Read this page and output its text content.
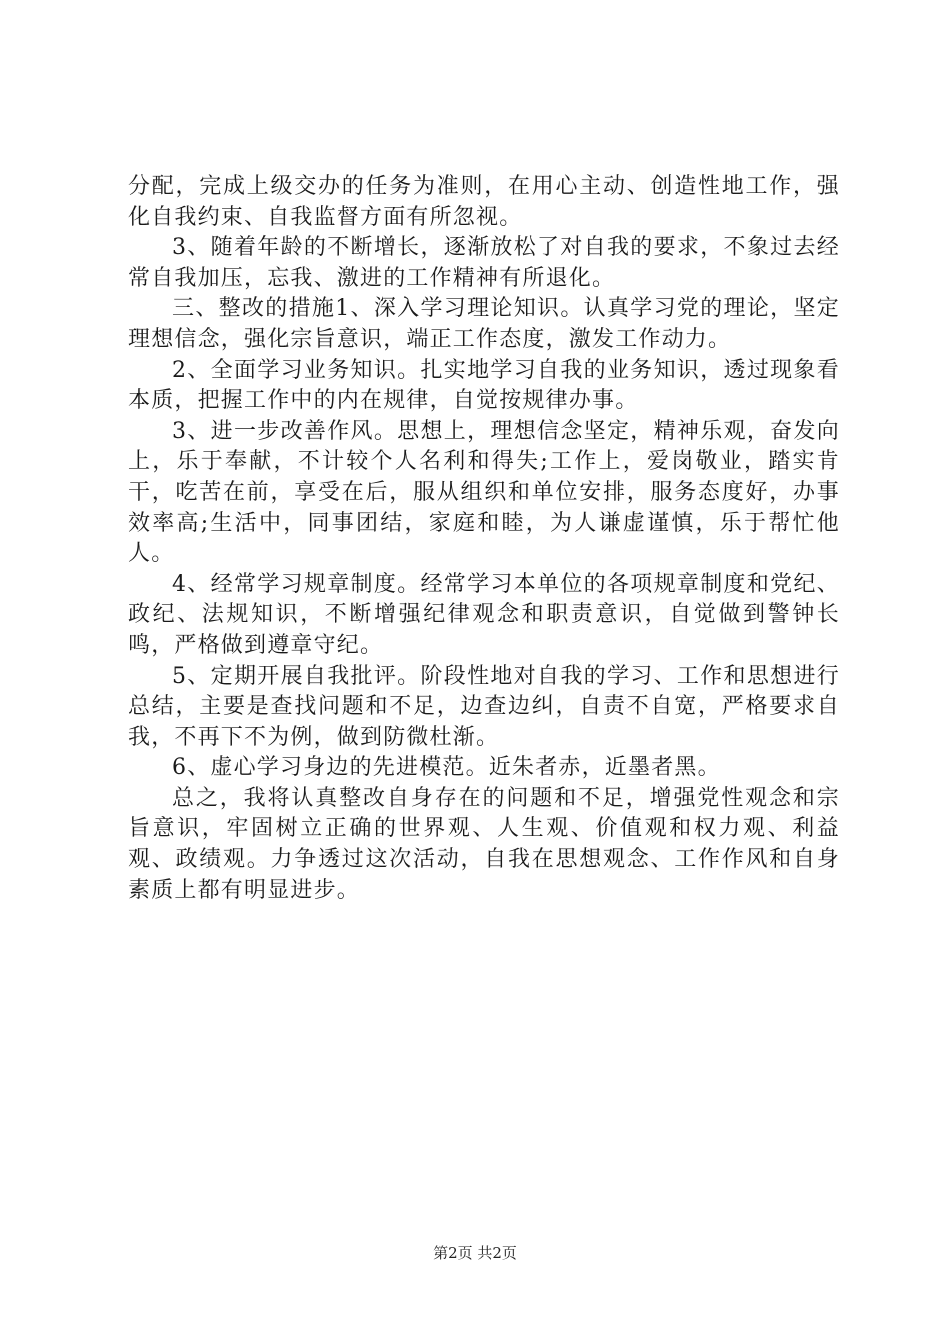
分配，完成上级交办的任务为准则，在用心主动、创造性地工作，强化自我约束、自我监督方面有所忽视。

3、随着年龄的不断增长，逐渐放松了对自我的要求，不象过去经常自我加压，忘我、激进的工作精神有所退化。

三、整改的措施1、深入学习理论知识。认真学习党的理论，坚定理想信念，强化宗旨意识，端正工作态度，激发工作动力。

2、全面学习业务知识。扎实地学习自我的业务知识，透过现象看本质，把握工作中的内在规律，自觉按规律办事。

3、进一步改善作风。思想上，理想信念坚定，精神乐观，奋发向上，乐于奉献，不计较个人名利和得失;工作上，爱岗敬业，踏实肯干，吃苦在前，享受在后，服从组织和单位安排，服务态度好，办事效率高;生活中，同事团结，家庭和睦，为人谦虚谨慎，乐于帮忙他人。

4、经常学习规章制度。经常学习本单位的各项规章制度和党纪、政纪、法规知识，不断增强纪律观念和职责意识，自觉做到警钟长鸣，严格做到遵章守纪。

5、定期开展自我批评。阶段性地对自我的学习、工作和思想进行总结，主要是查找问题和不足，边查边纠，自责不自宽，严格要求自我，不再下不为例，做到防微杜渐。

6、虚心学习身边的先进模范。近朱者赤，近墨者黑。

总之，我将认真整改自身存在的问题和不足，增强党性观念和宗旨意识，牢固树立正确的世界观、人生观、价值观和权力观、利益观、政绩观。力争透过这次活动，自我在思想观念、工作作风和自身素质上都有明显进步。

第2页 共2页
